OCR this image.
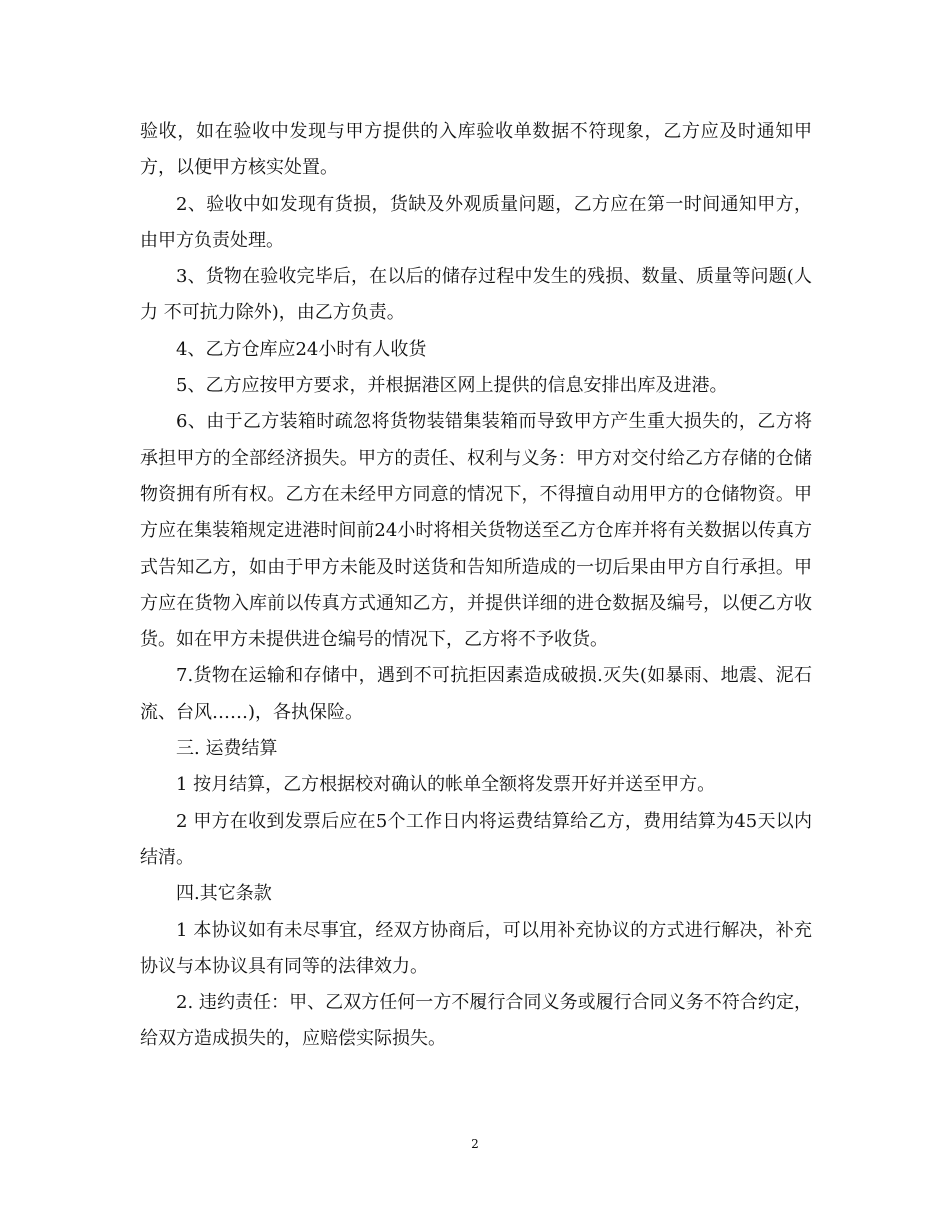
验收，如在验收中发现与甲方提供的入库验收单数据不符现象，乙方应及时通知甲方，以便甲方核实处置。

2、验收中如发现有货损，货缺及外观质量问题，乙方应在第一时间通知甲方，由甲方负责处理。

3、货物在验收完毕后，在以后的储存过程中发生的残损、数量、质量等问题(人力 不可抗力除外)，由乙方负责。

4、乙方仓库应24小时有人收货

5、乙方应按甲方要求，并根据港区网上提供的信息安排出库及进港。

6、由于乙方装箱时疏忽将货物装错集装箱而导致甲方产生重大损失的，乙方将承担甲方的全部经济损失。甲方的责任、权利与义务：甲方对交付给乙方存储的仓储物资拥有所有权。乙方在未经甲方同意的情况下，不得擅自动用甲方的仓储物资。甲方应在集装箱规定进港时间前24小时将相关货物送至乙方仓库并将有关数据以传真方式告知乙方，如由于甲方未能及时送货和告知所造成的一切后果由甲方自行承担。甲方应在货物入库前以传真方式通知乙方，并提供详细的进仓数据及编号，以便乙方收货。如在甲方未提供进仓编号的情况下，乙方将不予收货。

7.货物在运输和存储中，遇到不可抗拒因素造成破损.灭失(如暴雨、地震、泥石流、台风……)，各执保险。

三. 运费结算

1 按月结算，乙方根据校对确认的帐单全额将发票开好并送至甲方。

2 甲方在收到发票后应在5个工作日内将运费结算给乙方，费用结算为45天以内结清。

四.其它条款

1 本协议如有未尽事宜，经双方协商后，可以用补充协议的方式进行解决，补充协议与本协议具有同等的法律效力。

2. 违约责任：甲、乙双方任何一方不履行合同义务或履行合同义务不符合约定，给双方造成损失的，应赔偿实际损失。

2
